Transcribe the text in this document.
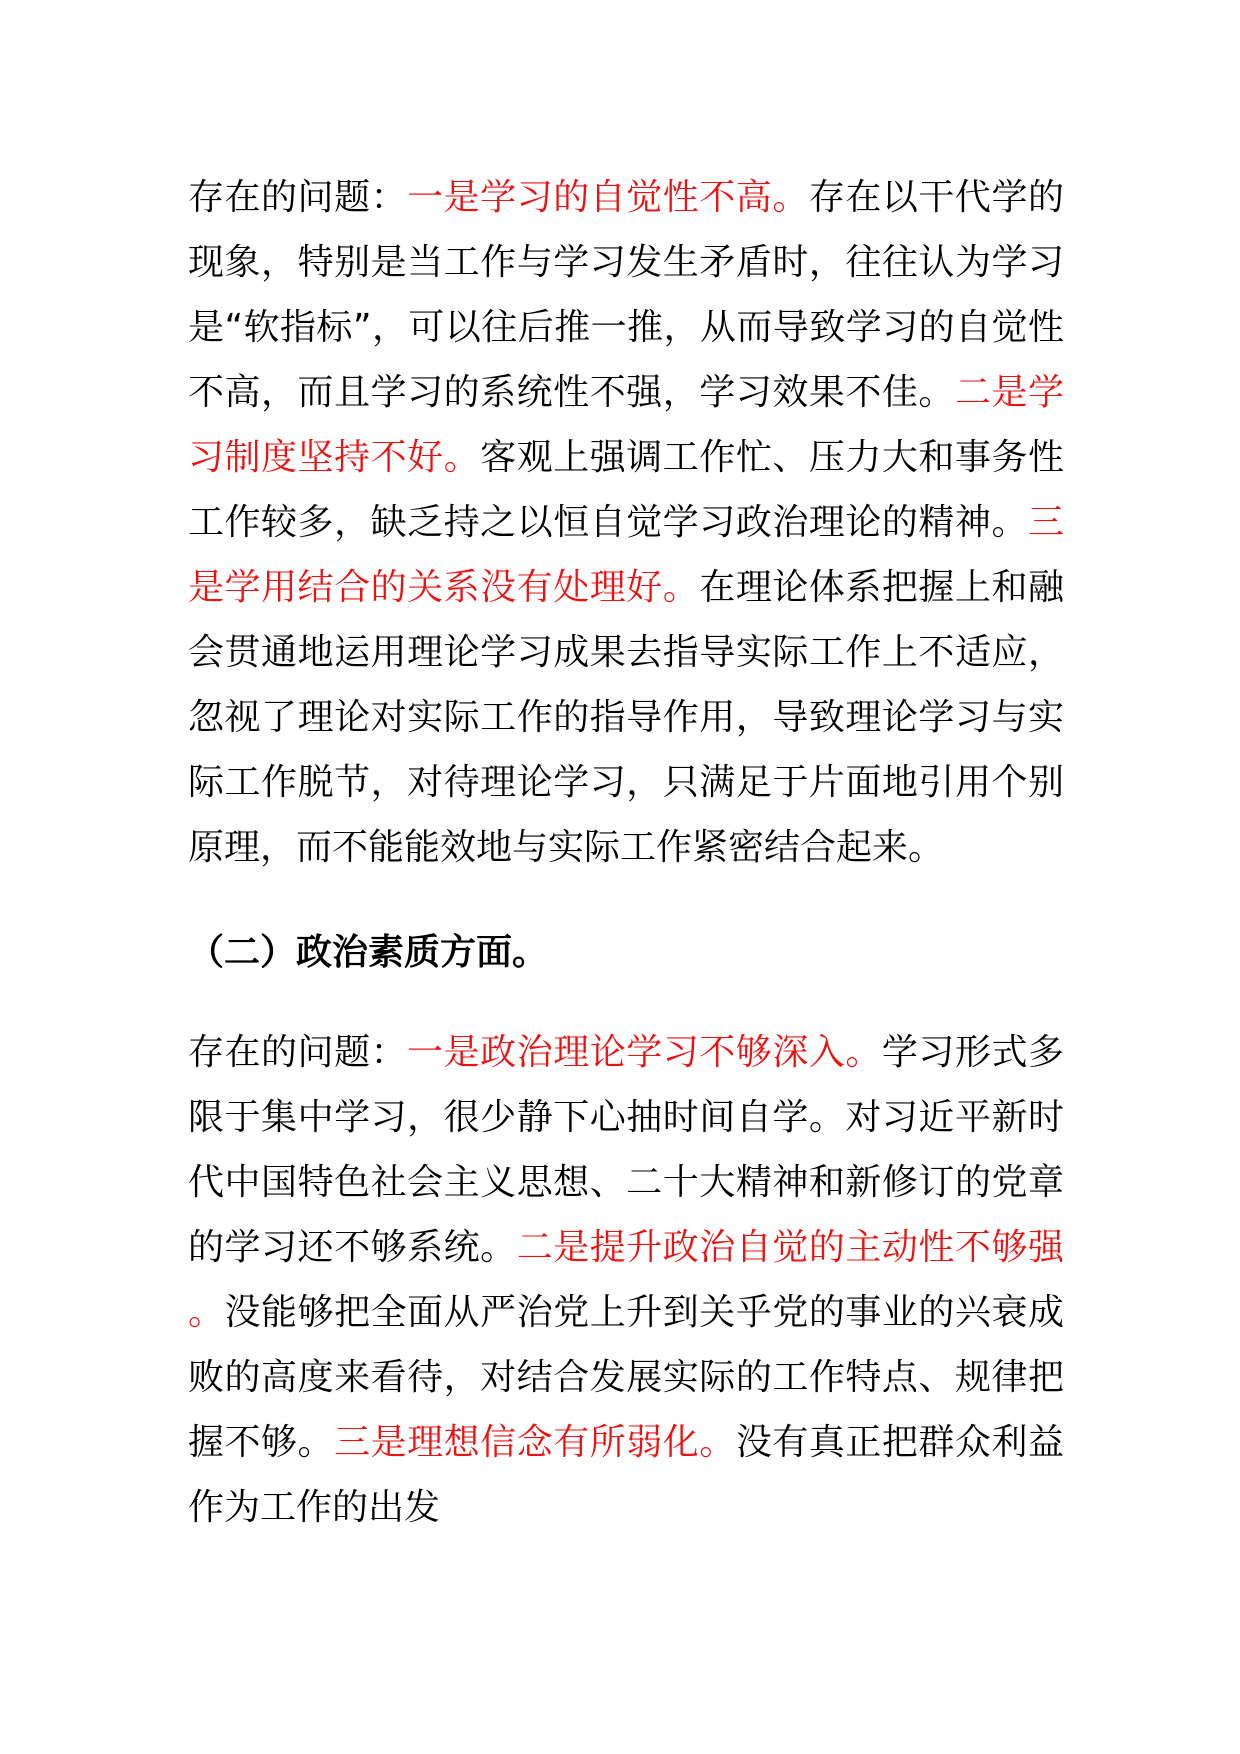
存在的问题：一是学习的自觉性不高。存在以干代学的现象，特别是当工作与学习发生矛盾时，往往认为学习是“软指标”，可以往后推一推，从而导致学习的自觉性不高，而且学习的系统性不强，学习效果不佳。二是学习制度坚持不好。客观上强调工作忙、压力大和事务性工作较多，缺乏持之以恒自觉学习政治理论的精神。三是学用结合的关系没有处理好。在理论体系把握上和融会贯通地运用理论学习成果去指导实际工作上不适应，忽视了理论对实际工作的指导作用，导致理论学习与实际工作脱节，对待理论学习，只满足于片面地引用个别原理，而不能能效地与实际工作紧密结合起来。

（二）政治素质方面。

存在的问题：一是政治理论学习不够深入。学习形式多限于集中学习，很少静下心抽时间自学。对习近平新时代中国特色社会主义思想、二十大精神和新修订的党章的学习还不够系统。二是提升政治自觉的主动性不够强。没能够把全面从严治党上升到关乎党的事业的兴衰成败的高度来看待，对结合发展实际的工作特点、规律把握不够。三是理想信念有所弱化。没有真正把群众利益作为工作的出发
